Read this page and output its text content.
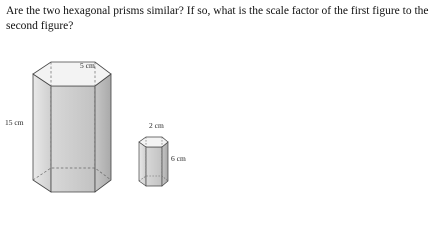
Are the two hexagonal prisms similar? If so, what is the scale factor of the first figure to the second figure?

5 cm
15 cm	2 cm
6 cm
